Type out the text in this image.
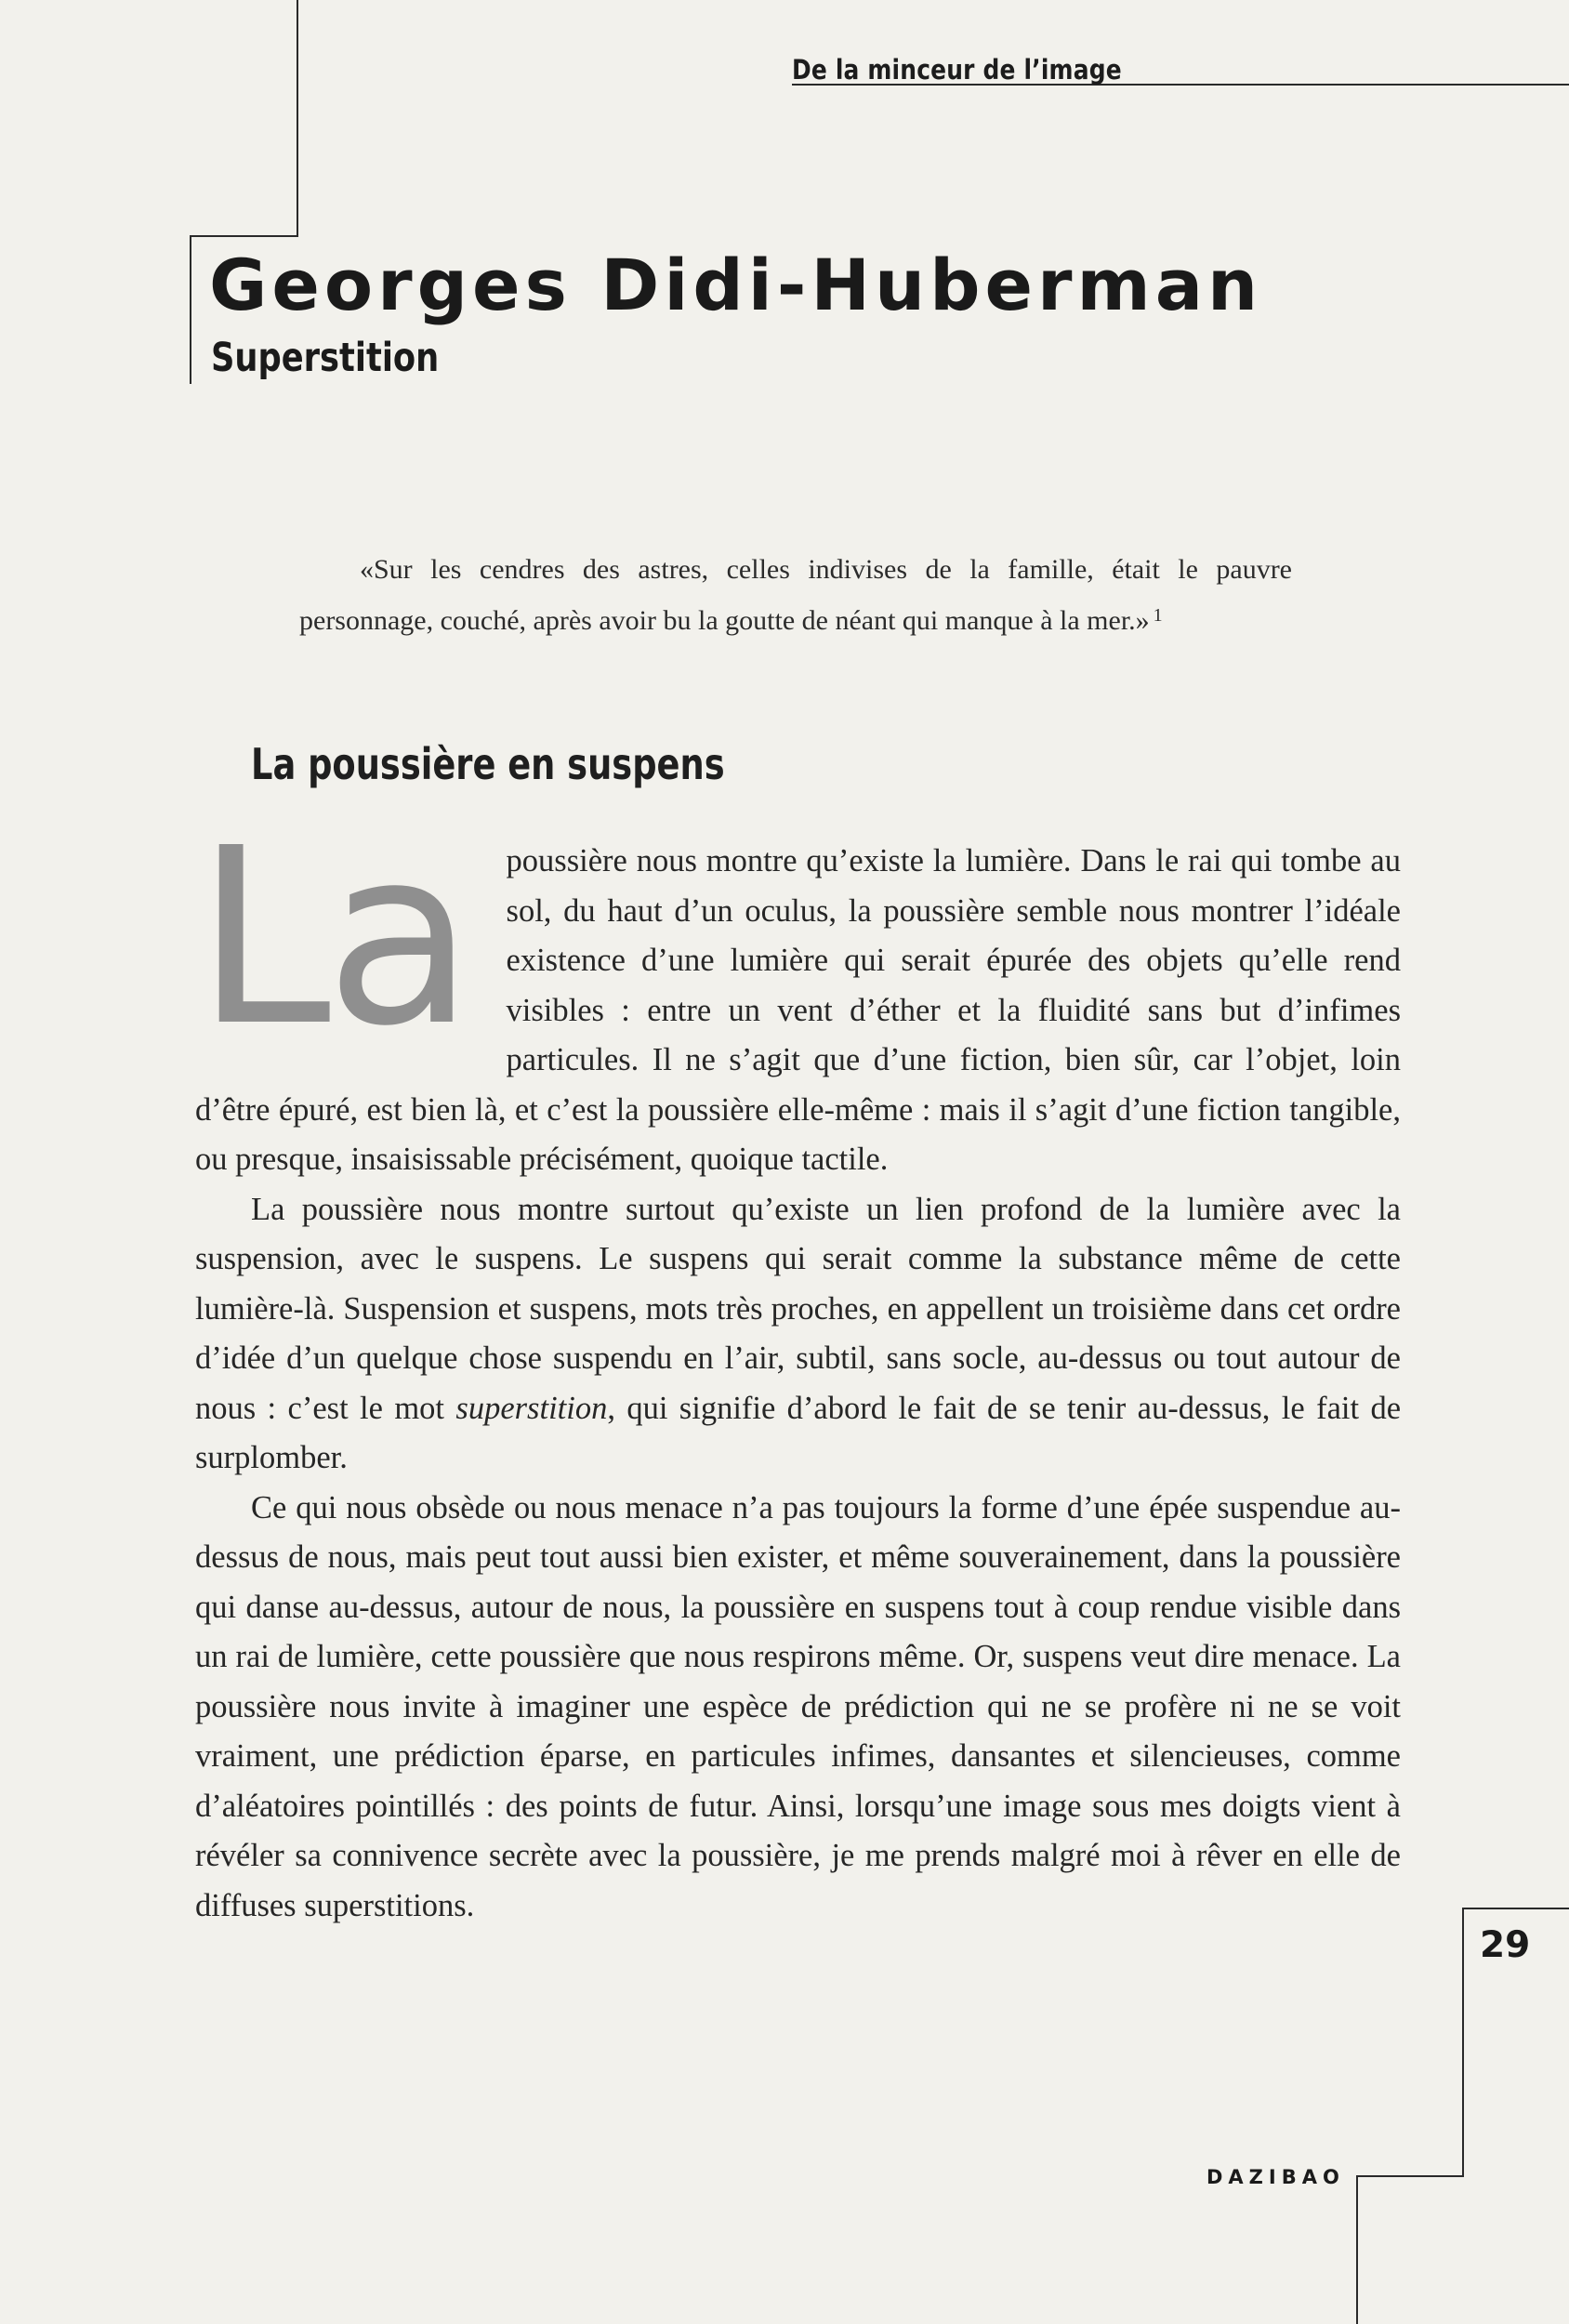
De la minceur de l’image
Georges Didi-Huberman
Superstition
«Sur les cendres des astres, celles indivises de la famille, était le pauvre personnage, couché, après avoir bu la goutte de néant qui manque à la mer.» $^1$
La poussière en suspens

La poussière nous montre qu’existe la lumière. Dans le rai qui tombe au sol, du haut d’un oculus, la poussière semble nous montrer l’idéale existence d’une lumière qui serait épurée des objets qu’elle rend visibles : entre un vent d’éther et la fluidité sans but d’infimes particules. Il ne s’agit que d’une fiction, bien sûr, car l’objet, loin d’être épuré, est bien là, et c’est la poussière elle-même : mais il s’agit d’une fiction tangible, ou presque, insaisissable précisément, quoique tactile.

La poussière nous montre surtout qu’existe un lien profond de la lumière avec la suspension, avec le suspens. Le suspens qui serait comme la substance même de cette lumière-là. Suspension et suspens, mots très proches, en appellent un troisième dans cet ordre d’idée d’un quelque chose suspendu en l’air, subtil, sans socle, au-dessus ou tout autour de nous : c’est le mot superstition, qui signifie d’abord le fait de se tenir au-dessus, le fait de surplomber.

Ce qui nous obsède ou nous menace n’a pas toujours la forme d’une épée suspendue au-dessus de nous, mais peut tout aussi bien exister, et même souverainement, dans la poussière qui danse au-dessus, autour de nous, la poussière en suspens tout à coup rendue visible dans un rai de lumière, cette poussière que nous respirons même. Or, suspens veut dire menace. La poussière nous invite à imaginer une espèce de prédiction qui ne se profère ni ne se voit vraiment, une prédiction éparse, en particules infimes, dansantes et silencieuses, comme d’aléatoires pointillés : des points de futur. Ainsi, lorsqu’une image sous mes doigts vient à révéler sa connivence secrète avec la poussière, je me prends malgré moi à rêver en elle de diffuses superstitions.

29
DAZIBAO
